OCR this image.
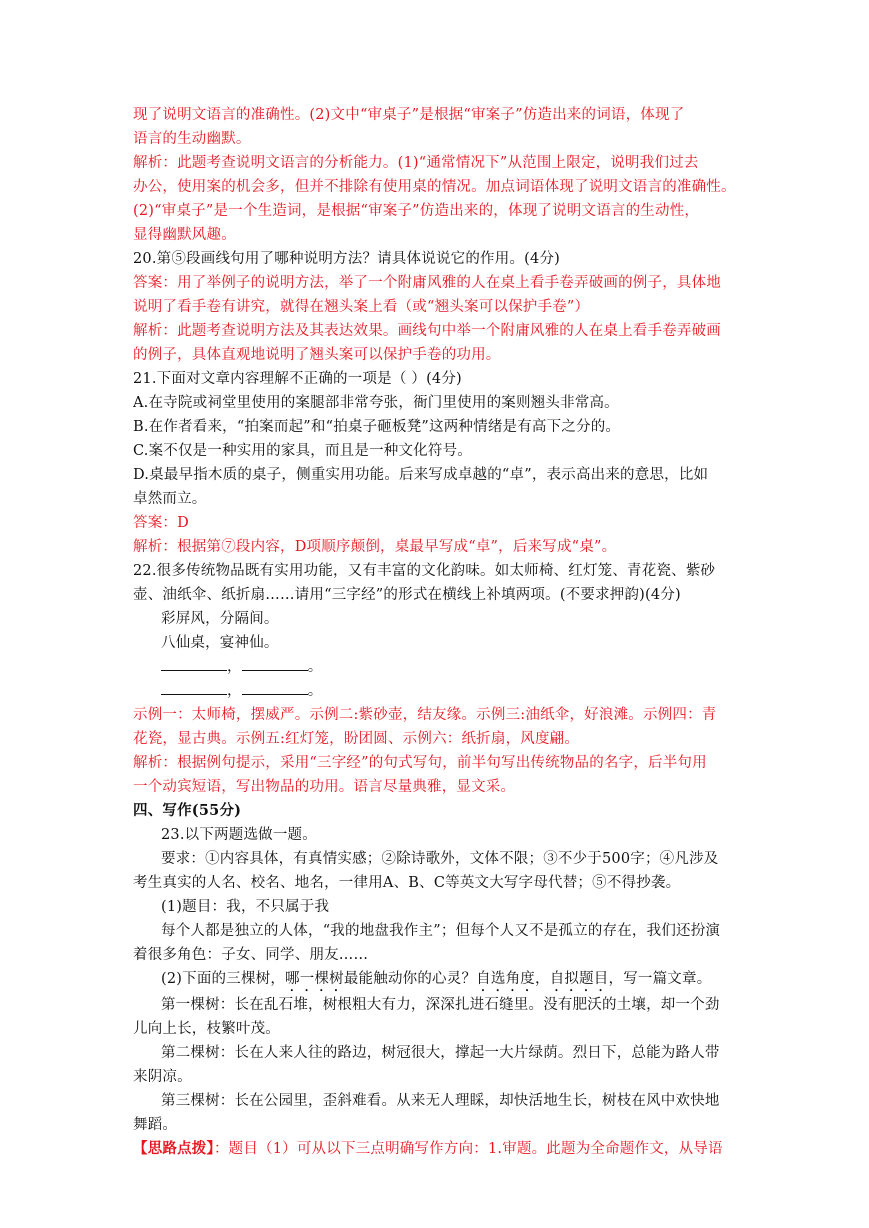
现了说明文语言的准确性。(2)文中“审桌子”是根据“审案子”仿造出来的词语，体现了
语言的生动幽默。
解析：此题考查说明文语言的分析能力。(1)“通常情况下”从范围上限定，说明我们过去
办公，使用案的机会多，但并不排除有使用桌的情况。加点词语体现了说明文语言的准确性。
(2)“审桌子”是一个生造词，是根据“审案子”仿造出来的，体现了说明文语言的生动性，
显得幽默风趣。
20.第⑤段画线句用了哪种说明方法？请具体说说它的作用。(4分)
答案：用了举例子的说明方法，举了一个附庸风雅的人在桌上看手卷弄破画的例子，具体地
说明了看手卷有讲究，就得在翘头案上看（或“翘头案可以保护手卷”）
解析：此题考查说明方法及其表达效果。画线句中举一个附庸风雅的人在桌上看手卷弄破画
的例子，具体直观地说明了翘头案可以保护手卷的功用。
21.下面对文章内容理解不正确的一项是（ ）(4分)
A.在寺院或祠堂里使用的案腿部非常夸张，衙门里使用的案则翘头非常高。
B.在作者看来，“拍案而起”和“拍桌子砸板凳”这两种情绪是有高下之分的。
C.案不仅是一种实用的家具，而且是一种文化符号。
D.桌最早指木质的桌子，侧重实用功能。后来写成卓越的“卓”，表示高出来的意思，比如
卓然而立。
答案：D
解析：根据第⑦段内容，D项顺序颠倒，桌最早写成“卓”，后来写成“桌”。
22.很多传统物品既有实用功能，又有丰富的文化韵味。如太师椅、红灯笼、青花瓷、紫砂
壶、油纸伞、纸折扇……请用“三字经”的形式在横线上补填两项。(不要求押韵)(4分)
彩屏风，分隔间。
八仙桌，宴神仙。
，	。
，	。
示例一：太师椅，摆威严。示例二:紫砂壶，结友缘。示例三:油纸伞，好浪滩。示例四：青
花瓷，显古典。示例五:红灯笼，盼团圆、示例六：纸折扇，风度翩。
解析：根据例句提示，采用“三字经”的句式写句，前半句写出传统物品的名字，后半句用
一个动宾短语，写出物品的功用。语言尽量典雅，显文采。
四、写作(55分)
23.以下两题选做一题。
要求：①内容具体，有真情实感；②除诗歌外，文体不限；③不少于500字；④凡涉及
考生真实的人名、校名、地名，一律用A、B、C等英文大写字母代替；⑤不得抄袭。
(1)题目：我，不只属于我
每个人都是独立的人体，“我的地盘我作主”；但每个人又不是孤立的存在，我们还扮演
着很多角色：子女、同学、朋友……
(2)下面的三棵树，哪一棵树最能触动你的心灵？自选角度，自拟题目，写一篇文章。
第一棵树：长在乱石堆，树根粗大有力，深深扎进石缝里。没有肥沃的土壤，却一个劲
儿向上长，枝繁叶茂。
第二棵树：长在人来人往的路边，树冠很大，撑起一大片绿荫。烈日下，总能为路人带
来阴凉。
第三棵树：长在公园里，歪斜难看。从来无人理睬，却快活地生长，树枝在风中欢快地
舞蹈。
【思路点拨】：题目（1）可从以下三点明确写作方向：1.审题。此题为全命题作文，从导语
